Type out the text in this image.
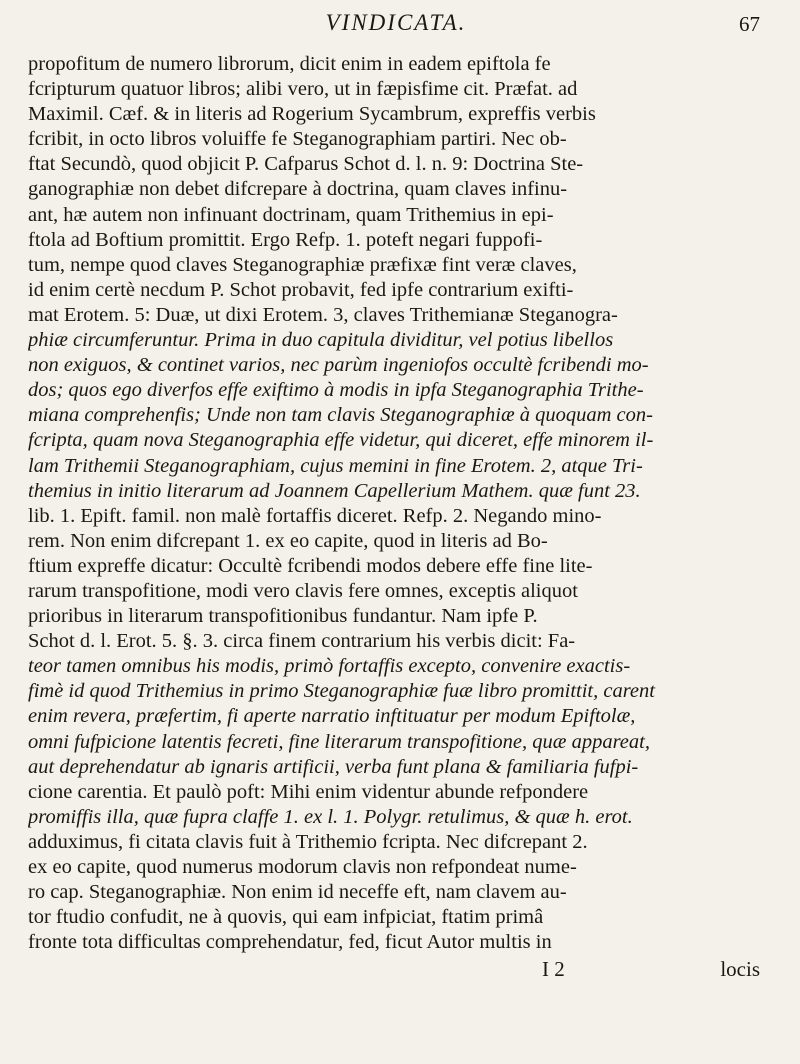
VINDICATA.	67
propofitum de numero librorum, dicit enim in eadem epiftola fe
fcripturum quatuor libros; alibi vero, ut in fæpisfime cit. Præfat. ad
Maximil. Cæf. & in literis ad Rogerium Sycambrum, expreffis verbis
fcribit, in octo libros voluiffe fe Steganographiam partiri. Nec ob-
ftat Secundò, quod objicit P. Cafparus Schot d. l. n. 9: Doctrina Ste-
ganographiæ non debet difcrepare à doctrina, quam claves infinu-
ant, hæ autem non infinuant doctrinam, quam Trithemius in epi-
ftola ad Boftium promittit. Ergo Refp. 1. poteft negari fuppofi-
tum, nempe quod claves Steganographiæ præfixæ fint veræ claves,
id enim certè necdum P. Schot probavit, fed ipfe contrarium exifti-
mat Erotem. 5: Duæ, ut dixi Erotem. 3, claves Trithemianæ Steganogra-
phiæ circumferuntur. Prima in duo capitula dividitur, vel potius libellos
non exiguos, & continet varios, nec parùm ingeniofos occultè fcribendi mo-
dos; quos ego diverfos effe exiftimo à modis in ipfa Steganographia Trithe-
miana comprehenfis; Unde non tam clavis Steganographiæ à quoquam con-
fcripta, quam nova Steganographia effe videtur, qui diceret, effe minorem il-
lam Trithemii Steganographiam, cujus memini in fine Erotem. 2, atque Tri-
themius in initio literarum ad Joannem Capellerium Mathem. quæ funt 23.
lib. 1. Epift. famil. non malè fortaffis diceret. Refp. 2. Negando mino-
rem. Non enim difcrepant 1. ex eo capite, quod in literis ad Bo-
ftium expreffe dicatur: Occultè fcribendi modos debere effe fine lite-
rarum transpofitione, modi vero clavis fere omnes, exceptis aliquot
prioribus in literarum transpofitionibus fundantur. Nam ipfe P.
Schot d. l. Erot. 5. §. 3. circa finem contrarium his verbis dicit: Fa-
teor tamen omnibus his modis, primò fortaffis excepto, convenire exactis-
fimè id quod Trithemius in primo Steganographiæ fuæ libro promittit, carent
enim revera, præfertim, fi aperte narratio inftituatur per modum Epiftolæ,
omni fufpicione latentis fecreti, fine literarum transpofitione, quæ appareat,
aut deprehendatur ab ignaris artificii, verba funt plana & familiaria fufpi-
cione carentia. Et paulò poft: Mihi enim videntur abunde refpondere
promiffis illa, quæ fupra claffe 1. ex l. 1. Polygr. retulimus, & quæ h. erot.
adduximus, fi citata clavis fuit à Trithemio fcripta. Nec difcrepant 2.
ex eo capite, quod numerus modorum clavis non refpondeat nume-
ro cap. Steganographiæ. Non enim id neceffe eft, nam clavem au-
tor ftudio confudit, ne à quovis, qui eam infpiciat, ftatim primâ
fronte tota difficultas comprehendatur, fed, ficut Autor multis in
I 2	locis
